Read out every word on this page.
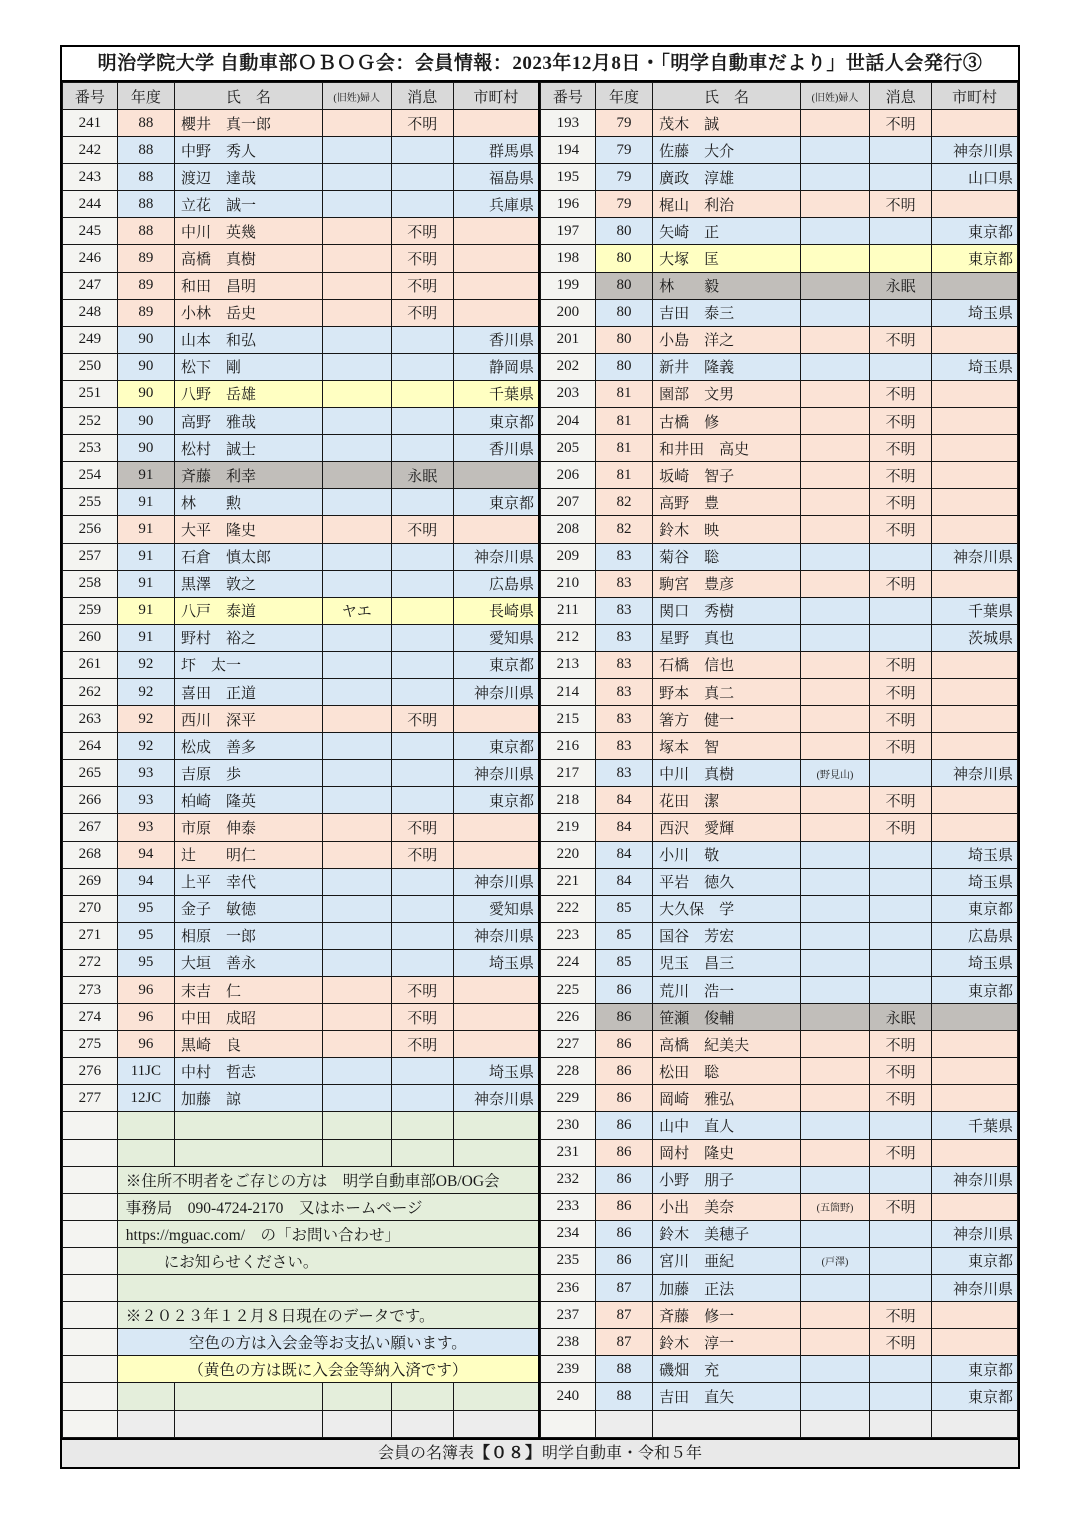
明治学院大学 自動車部ＯＢＯＧ会：会員情報：2023年12月8日・「明学自動車だより」世話人会発行③
番号	年度	氏　名	(旧姓)婦人	消息	市町村
241	88	櫻井　真一郎		不明	
242	88	中野　秀人			群馬県
243	88	渡辺　達哉			福島県
244	88	立花　誠一			兵庫県
245	88	中川　英幾		不明	
246	89	高橋　真樹		不明	
247	89	和田　昌明		不明	
248	89	小林　岳史		不明	
249	90	山本　和弘			香川県
250	90	松下　剛			静岡県
251	90	八野　岳雄			千葉県
252	90	高野　雅哉			東京都
253	90	松村　誠士			香川県
254	91	斉藤　利幸		永眠	
255	91	林　　勲			東京都
256	91	大平　隆史		不明	
257	91	石倉　慎太郎			神奈川県
258	91	黒澤　敦之			広島県
259	91	八戸　泰道	ヤエ		長崎県
260	91	野村　裕之			愛知県
261	92	圷　太一			東京都
262	92	喜田　正道			神奈川県
263	92	西川　深平		不明	
264	92	松成　善多			東京都
265	93	吉原　歩			神奈川県
266	93	柏崎　隆英			東京都
267	93	市原　伸泰		不明	
268	94	辻　　明仁		不明	
269	94	上平　幸代			神奈川県
270	95	金子　敏徳			愛知県
271	95	相原　一郎			神奈川県
272	95	大垣　善永			埼玉県
273	96	末吉　仁		不明	
274	96	中田　成昭		不明	
275	96	黒崎　良		不明	
276	11JC	中村　哲志			埼玉県
277	12JC	加藤　諒			神奈川県

	※住所不明者をご存じの方は　明学自動車部OB/OG会				
	事務局　090-4724-2170　又はホームページ				
	https://mguac.com/　の「お問い合わせ」				
	にお知らせください。				

	※２０２３年１２月８日現在のデータです。				
	空色の方は入会金等お支払い願います。				
	（黄色の方は既に入会金等納入済です）				

番号	年度	氏　名	(旧姓)婦人	消息	市町村
193	79	茂木　誠		不明	
194	79	佐藤　大介			神奈川県
195	79	廣政　淳雄			山口県
196	79	梶山　利治		不明	
197	80	矢崎　正			東京都
198	80	大塚　匡			東京都
199	80	林　　毅		永眠	
200	80	吉田　泰三			埼玉県
201	80	小島　洋之		不明	
202	80	新井　隆義			埼玉県
203	81	園部　文男		不明	
204	81	古橋　修		不明	
205	81	和井田　高史		不明	
206	81	坂崎　智子		不明	
207	82	高野　豊		不明	
208	82	鈴木　映		不明	
209	83	菊谷　聡			神奈川県
210	83	駒宮　豊彦		不明	
211	83	関口　秀樹			千葉県
212	83	星野　真也			茨城県
213	83	石橋　信也		不明	
214	83	野本　真二		不明	
215	83	箸方　健一		不明	
216	83	塚本　智		不明	
217	83	中川　真樹	(野見山)		神奈川県
218	84	花田　潔		不明	
219	84	西沢　愛輝		不明	
220	84	小川　敬			埼玉県
221	84	平岩　徳久			埼玉県
222	85	大久保　学			東京都
223	85	国谷　芳宏			広島県
224	85	児玉　昌三			埼玉県
225	86	荒川　浩一			東京都
226	86	笹瀬　俊輔		永眠	
227	86	高橋　紀美夫		不明	
228	86	松田　聡		不明	
229	86	岡崎　雅弘		不明	
230	86	山中　直人			千葉県
231	86	岡村　隆史		不明	
232	86	小野　朋子			神奈川県
233	86	小出　美奈	(五箇野)	不明	
234	86	鈴木　美穂子			神奈川県
235	86	宮川　亜紀	(戸澤)		東京都
236	87	加藤　正法			神奈川県
237	87	斉藤　修一		不明	
238	87	鈴木　淳一		不明	
239	88	磯畑　充			東京都
240	88	吉田　直矢			東京都

会員の名簿表【０８】明学自動車・令和５年
